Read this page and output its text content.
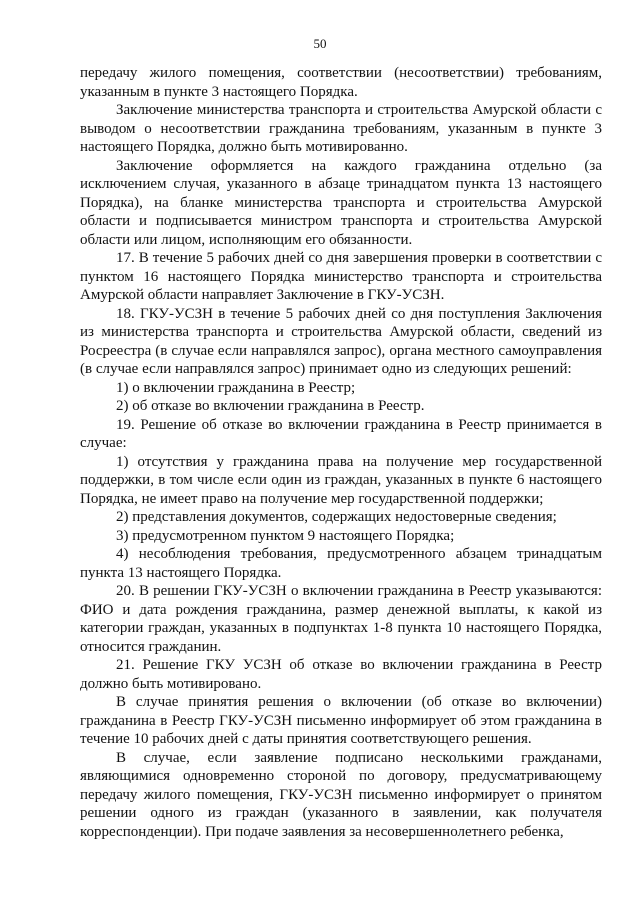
50

передачу жилого помещения, соответствии (несоответствии) требованиям, указанным в пункте 3 настоящего Порядка.

Заключение министерства транспорта и строительства Амурской области с выводом о несоответствии гражданина требованиям, указанным в пункте 3 настоящего Порядка, должно быть мотивированно.

Заключение оформляется на каждого гражданина отдельно (за исключением случая, указанного в абзаце тринадцатом пункта 13 настоящего Порядка), на бланке министерства транспорта и строительства Амурской области и подписывается министром транспорта и строительства Амурской области или лицом, исполняющим его обязанности.

17. В течение 5 рабочих дней со дня завершения проверки в соответствии с пунктом 16 настоящего Порядка министерство транспорта и строительства Амурской области направляет Заключение в ГКУ-УСЗН.

18. ГКУ-УСЗН в течение 5 рабочих дней со дня поступления Заключения из министерства транспорта и строительства Амурской области, сведений из Росреестра (в случае если направлялся запрос), органа местного самоуправления (в случае если направлялся запрос) принимает одно из следующих решений:

1) о включении гражданина в Реестр;

2) об отказе во включении гражданина в Реестр.

19. Решение об отказе во включении гражданина в Реестр принимается в случае:

1) отсутствия у гражданина права на получение мер государственной поддержки, в том числе если один из граждан, указанных в пункте 6 настоящего Порядка, не имеет право на получение мер государственной поддержки;

2) представления документов, содержащих недостоверные сведения;

3) предусмотренном пунктом 9 настоящего Порядка;

4) несоблюдения требования, предусмотренного абзацем тринадцатым пункта 13 настоящего Порядка.

20. В решении ГКУ-УСЗН о включении гражданина в Реестр указываются: ФИО и дата рождения гражданина, размер денежной выплаты, к какой из категории граждан, указанных в подпунктах 1-8 пункта 10 настоящего Порядка, относится гражданин.

21. Решение ГКУ УСЗН об отказе во включении гражданина в Реестр должно быть мотивировано.

В случае принятия решения о включении (об отказе во включении) гражданина в Реестр ГКУ-УСЗН письменно информирует об этом гражданина в течение 10 рабочих дней с даты принятия соответствующего решения.

В случае, если заявление подписано несколькими гражданами, являющимися одновременно стороной по договору, предусматривающему передачу жилого помещения, ГКУ-УСЗН письменно информирует о принятом решении одного из граждан (указанного в заявлении, как получателя корреспонденции). При подаче заявления за несовершеннолетнего ребенка,
